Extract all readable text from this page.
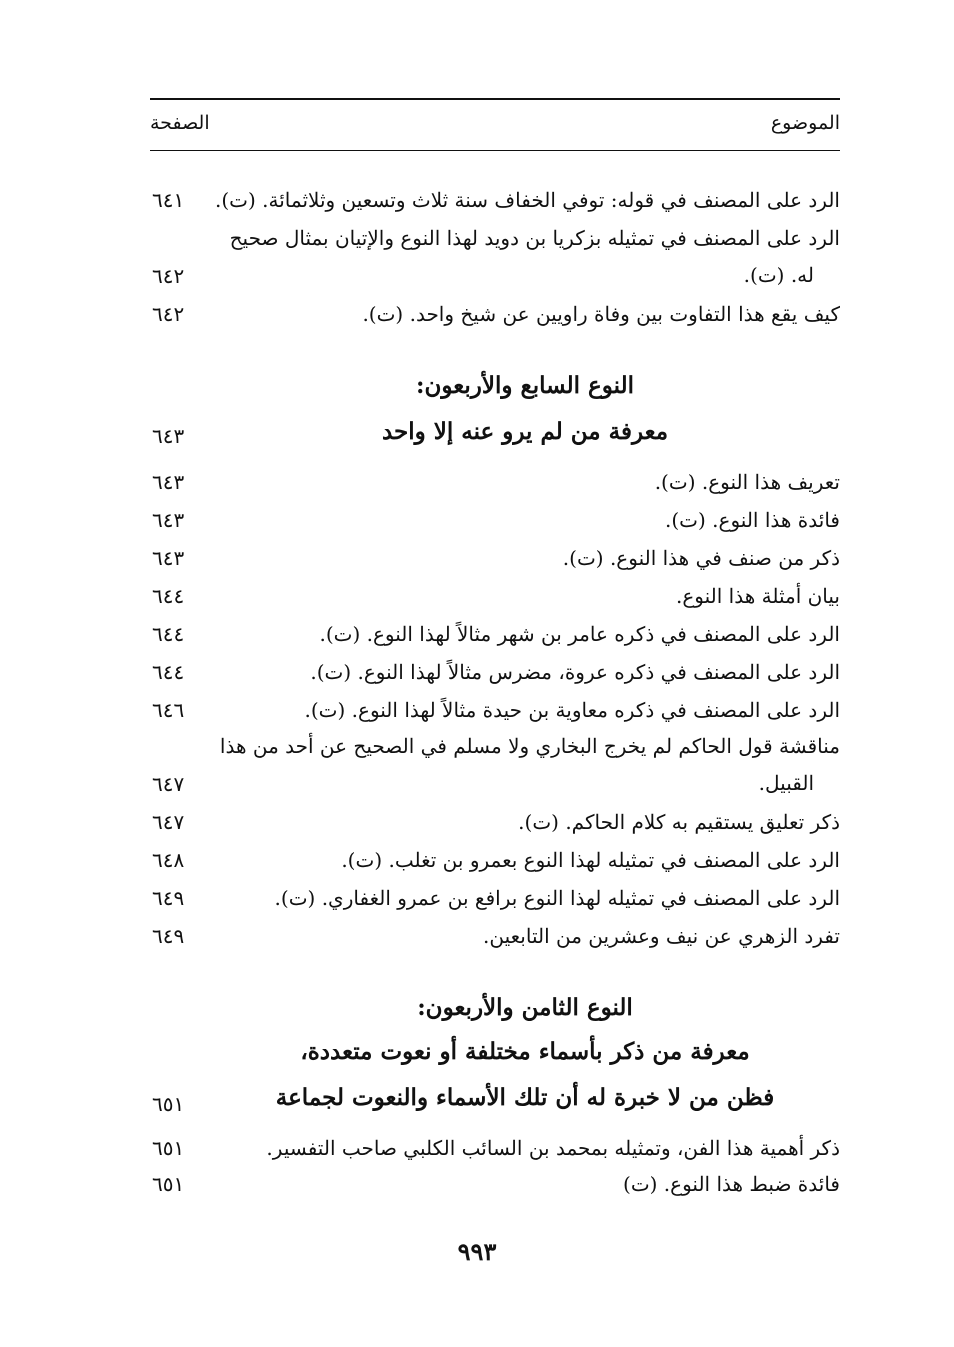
الموضوع
الصفحة
الرد على المصنف في قوله: توفي الخفاف سنة ثلاث وتسعين وثلاثمائة. (ت).
٦٤١
الرد على المصنف في تمثيله بزكريا بن دويد لهذا النوع والإتيان بمثال صحيح
له. (ت).
٦٤٢
كيف يقع هذا التفاوت بين وفاة راويين عن شيخ واحد. (ت).
٦٤٢
النوع السابع والأربعون:
معرفة من لم يرو عنه إلا واحد
٦٤٣
تعريف هذا النوع. (ت).
٦٤٣
فائدة هذا النوع. (ت).
٦٤٣
ذكر من صنف في هذا النوع. (ت).
٦٤٣
بيان أمثلة هذا النوع.
٦٤٤
الرد على المصنف في ذكره عامر بن شهر مثالاً لهذا النوع. (ت).
٦٤٤
الرد على المصنف في ذكره عروة، مضرس مثالاً لهذا النوع. (ت).
٦٤٤
الرد على المصنف في ذكره معاوية بن حيدة مثالاً لهذا النوع. (ت).
٦٤٦
مناقشة قول الحاكم لم يخرج البخاري ولا مسلم في الصحيح عن أحد من هذا
القبيل.
٦٤٧
ذكر تعليق يستقيم به كلام الحاكم. (ت).
٦٤٧
الرد على المصنف في تمثيله لهذا النوع بعمرو بن تغلب. (ت).
٦٤٨
الرد على المصنف في تمثيله لهذا النوع برافع بن عمرو الغفاري. (ت).
٦٤٩
تفرد الزهري عن نيف وعشرين من التابعين.
٦٤٩
النوع الثامن والأربعون:
معرفة من ذكر بأسماء مختلفة أو نعوت متعددة،
فظن من لا خبرة له أن تلك الأسماء والنعوت لجماعة
٦٥١
ذكر أهمية هذا الفن، وتمثيله بمحمد بن السائب الكلبي صاحب التفسير.
٦٥١
فائدة ضبط هذا النوع. (ت)
٦٥١
٩٩٣
